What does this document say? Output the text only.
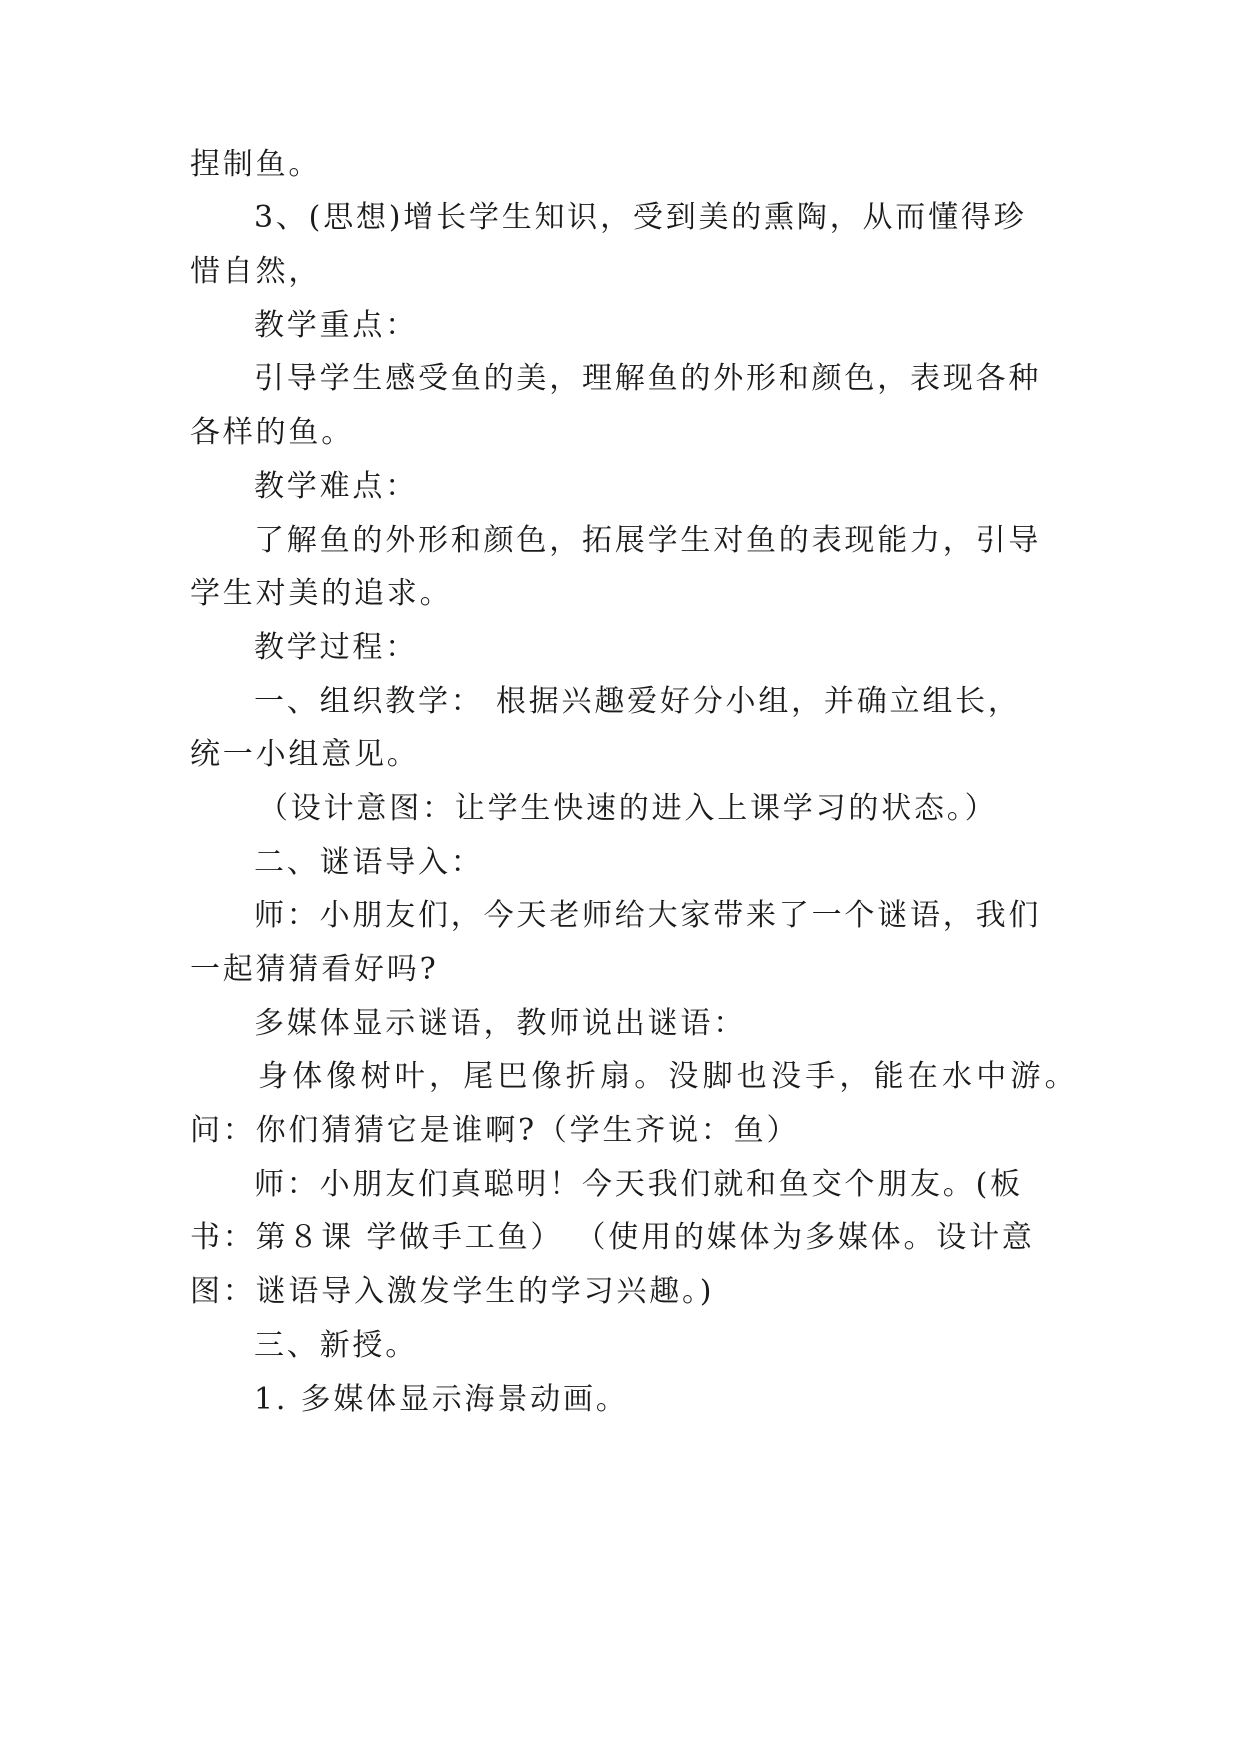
捏制鱼。
3、(思想)增长学生知识，受到美的熏陶，从而懂得珍
惜自然，
教学重点：
引导学生感受鱼的美，理解鱼的外形和颜色，表现各种
各样的鱼。
教学难点：
了解鱼的外形和颜色，拓展学生对鱼的表现能力，引导
学生对美的追求。
教学过程：
一、组织教学： 根据兴趣爱好分小组，并确立组长，
统一小组意见。
（设计意图：让学生快速的进入上课学习的状态。）
二、谜语导入：
师：小朋友们，今天老师给大家带来了一个谜语，我们
一起猜猜看好吗?
多媒体显示谜语，教师说出谜语：
身体像树叶，尾巴像折扇。没脚也没手，能在水中游。
问：你们猜猜它是谁啊?（学生齐说：鱼）
师：小朋友们真聪明！今天我们就和鱼交个朋友。(板
书：第８课 学做手工鱼） （使用的媒体为多媒体。设计意
图：谜语导入激发学生的学习兴趣。)
三、新授。
1. 多媒体显示海景动画。
